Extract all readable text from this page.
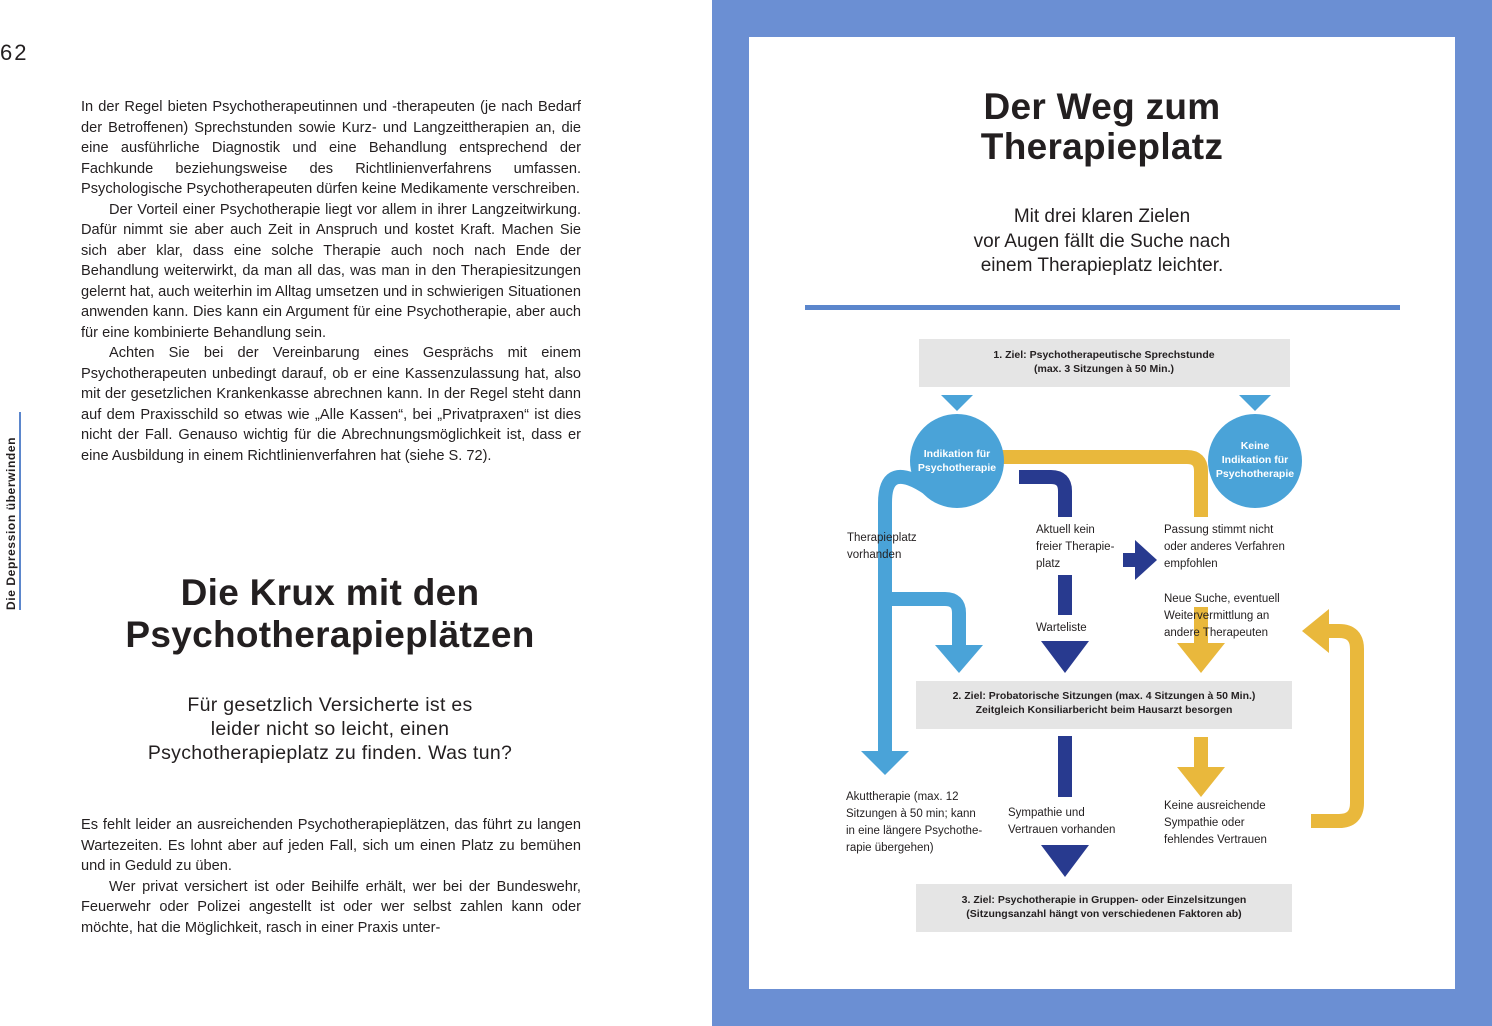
62
Die Depression überwinden

In der Regel bieten Psychotherapeutinnen und -therapeuten (je nach Bedarf der Betroffenen) Sprechstunden sowie Kurz- und Langzeittherapien an, die eine ausführliche Diagnostik und eine Behandlung entsprechend der Fachkunde beziehungsweise des Richtlinienverfahrens umfassen. Psychologische Psychotherapeuten dürfen keine Medikamente verschreiben.

Der Vorteil einer Psychotherapie liegt vor allem in ihrer Langzeitwirkung. Dafür nimmt sie aber auch Zeit in Anspruch und kostet Kraft. Machen Sie sich aber klar, dass eine solche Therapie auch noch nach Ende der Behandlung weiterwirkt, da man all das, was man in den Therapiesitzungen gelernt hat, auch weiterhin im Alltag umsetzen und in schwierigen Situationen anwenden kann. Dies kann ein Argument für eine Psychotherapie, aber auch für eine kombinierte Behandlung sein.

Achten Sie bei der Vereinbarung eines Gesprächs mit einem Psychotherapeuten unbedingt darauf, ob er eine Kassenzulassung hat, also mit der gesetzlichen Krankenkasse abrechnen kann. In der Regel steht dann auf dem Praxisschild so etwas wie „Alle Kassen“, bei „Privatpraxen“ ist dies nicht der Fall. Genauso wichtig für die Abrechnungsmöglichkeit ist, dass er eine Ausbildung in einem Richtlinienverfahren hat (siehe S. 72).

Die Krux mit den
Psychotherapieplätzen
Für gesetzlich Versicherte ist es
leider nicht so leicht, einen
Psychotherapieplatz zu finden. Was tun?

Es fehlt leider an ausreichenden Psychotherapieplätzen, das führt zu langen Wartezeiten. Es lohnt aber auf jeden Fall, sich um einen Platz zu bemühen und in Geduld zu üben.

Wer privat versichert ist oder Beihilfe erhält, wer bei der Bundeswehr, Feuerwehr oder Polizei angestellt ist oder wer selbst zahlen kann oder möchte, hat die Möglichkeit, rasch in einer Praxis unter-

Der Weg zum
Therapieplatz
Mit drei klaren Zielen
vor Augen fällt die Suche nach
einem Therapieplatz leichter.
1. Ziel: Psychotherapeutische Sprechstunde
(max. 3 Sitzungen à 50 Min.)
2. Ziel: Probatorische Sitzungen (max. 4 Sitzungen à 50 Min.)
Zeitgleich Konsiliarbericht beim Hausarzt besorgen
3. Ziel: Psychotherapie in Gruppen- oder Einzelsitzungen
(Sitzungsanzahl hängt von verschiedenen Faktoren ab)
Indikation für
Psychotherapie
Keine
Indikation für
Psychotherapie
Therapieplatz
vorhanden
Aktuell kein
freier Therapie-
platz
Passung stimmt nicht
oder anderes Verfahren
empfohlen
Neue Suche, eventuell
Weitervermittlung an
andere Therapeuten
Warteliste
Akuttherapie (max. 12
Sitzungen à 50 min; kann
in eine längere Psychothe-
rapie übergehen)
Sympathie und
Vertrauen vorhanden
Keine ausreichende
Sympathie oder
fehlendes Vertrauen
